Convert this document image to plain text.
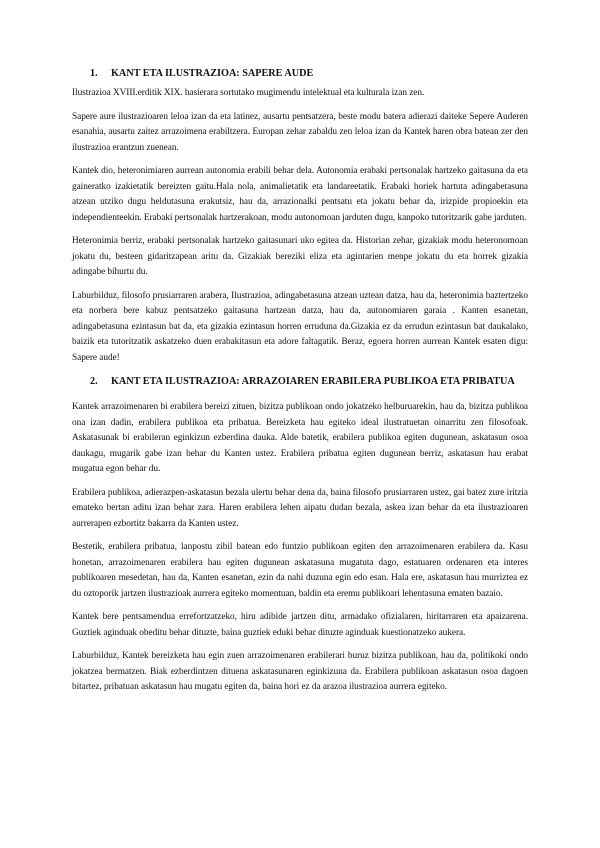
1.	KANT ETA ILUSTRAZIOA: SAPERE AUDE

Ilustrazioa XVIII.erditik XIX. hasierara sortutako mugimendu intelektual eta kulturala izan zen.

Sapere aure ilustrazioaren leloa izan da eta latinez, ausartu pentsatzera, beste modu batera adierazi daiteke Sepere Auderen esanahia, ausartu zaitez arrazoimena erabiltzera. Europan zehar zabaldu zen leloa izan da Kantek haren obra batean zer den ilustrazioa erantzun zuenean.

Kantek dio, heteronimiaren aurrean autonomia erabili behar dela. Autonomia erabaki pertsonalak hartzeko gaitasuna da eta gaineratko izakietatik bereizten gaitu.Hala nola, animalietatik eta landareetatik. Erabaki horiek hartuta adingabetasuna atzean utziko dugu heldutasuna erakutsiz, hau da, arrazionalki pentsatu eta jokatu behar da, irizpide propioekin eta independienteekin. Erabaki pertsonalak hartzerakoan, modu autonomoan jarduten dugu, kanpoko tutoritzarik gabe jarduten.

Heteronimia berriz, erabaki pertsonalak hartzeko gaitasunari uko egitea da. Historian zehar, gizakiak modu heteronomoan jokatu du, besteen gidaritzapean aritu da. Gizakiak bereziki eliza eta agintarien menpe jokatu du eta horrek gizakia adingabe bihurtu du.

Laburbilduz, filosofo prusiarraren arabera, Ilustrazioa, adingabetasuna atzean uztean datza, hau da, heteronimia baztertzeko eta norbera bere kabuz pentsatzeko gaitasuna hartzean datza, hau da, autonomiaren garaia . Kanten esanetan, adingabetasuna ezintasun bat da, eta gizakia ezintasun horren erruduna da.Gizakia ez da errudun ezintasun bat daukalako, baizik eta tutoritzatik askatzeko duen erabakitasun eta adore faltagatik. Beraz, egoera horren aurrean Kantek esaten digu: Sapere aude!

2.	KANT ETA ILUSTRAZIOA: ARRAZOIAREN ERABILERA PUBLIKOA ETA PRIBATUA

Kantek arrazoimenaren bi erabilera bereizi zituen, bizitza publikoan ondo jokatzeko helburuarekin, hau da, bizitza publikoa ona izan dadin, erabilera publikoa eta pribatua. Bereizketa hau egiteko ideal ilustratuetan oinarritu zen filosofoak. Askatasunak bi erabileran eginkizun ezberdina dauka. Alde batetik, erabilera publikoa egiten dugunean, askatasun osoa daukagu, mugarik gabe izan behar du Kanten ustez. Erabilera pribatua egiten dugunean berriz, askatasun hau erabat mugatua egon behar du.

Erabilera publikoa, adierazpen-askatasun bezala ulertu behar dena da, baina filosofo prusiarraren ustez, gai batez zure iritzia emateko bertan aditu izan behar zara. Haren erabilera lehen aipatu dudan bezala, askea izan behar da eta ilustrazioaren aurrerapen ezbortitz bakarra da Kanten ustez.

Bestetik, erabilera pribatua, lanpostu zibil batean edo funtzio publikoan egiten den arrazoimenaren erabilera da. Kasu honetan, arrazoimenaren erabilera hau egiten dugunean askatasuna mugatuta dago, estatuaren ordenaren eta interes publikoaren mesedetan, hau da, Kanten esanetan, ezin da nahi duzuna egin edo esan. Hala ere, askatasun hau murriztea ez du oztoporik jartzen ilustrazioak aurrera egiteko momentuan, baldin eta eremu publikoari lehentasuna ematen bazaio.

Kantek bere pentsamendua errefortzatzeko, hiru adibide jartzen ditu, armadako ofizialaren, hiritarraren eta apaizarena. Guztiek aginduak obeditu behar dituzte, baina guztiek eduki behar dituzte aginduak kuestionatzeko aukera.

Laburbilduz, Kantek bereizketa hau egin zuen arrazoimenaren erabilerari buruz bizitza publikoan, hau da, politikoki ondo jokatzea bermatzen. Biak ezberdintzen dituena askatasunaren eginkizuna da. Erabilera publikoan askatasun osoa dagoen bitartez, pribatuan askatasun hau mugatu egiten da, baina hori ez da arazoa ilustrazioa aurrera egiteko.
